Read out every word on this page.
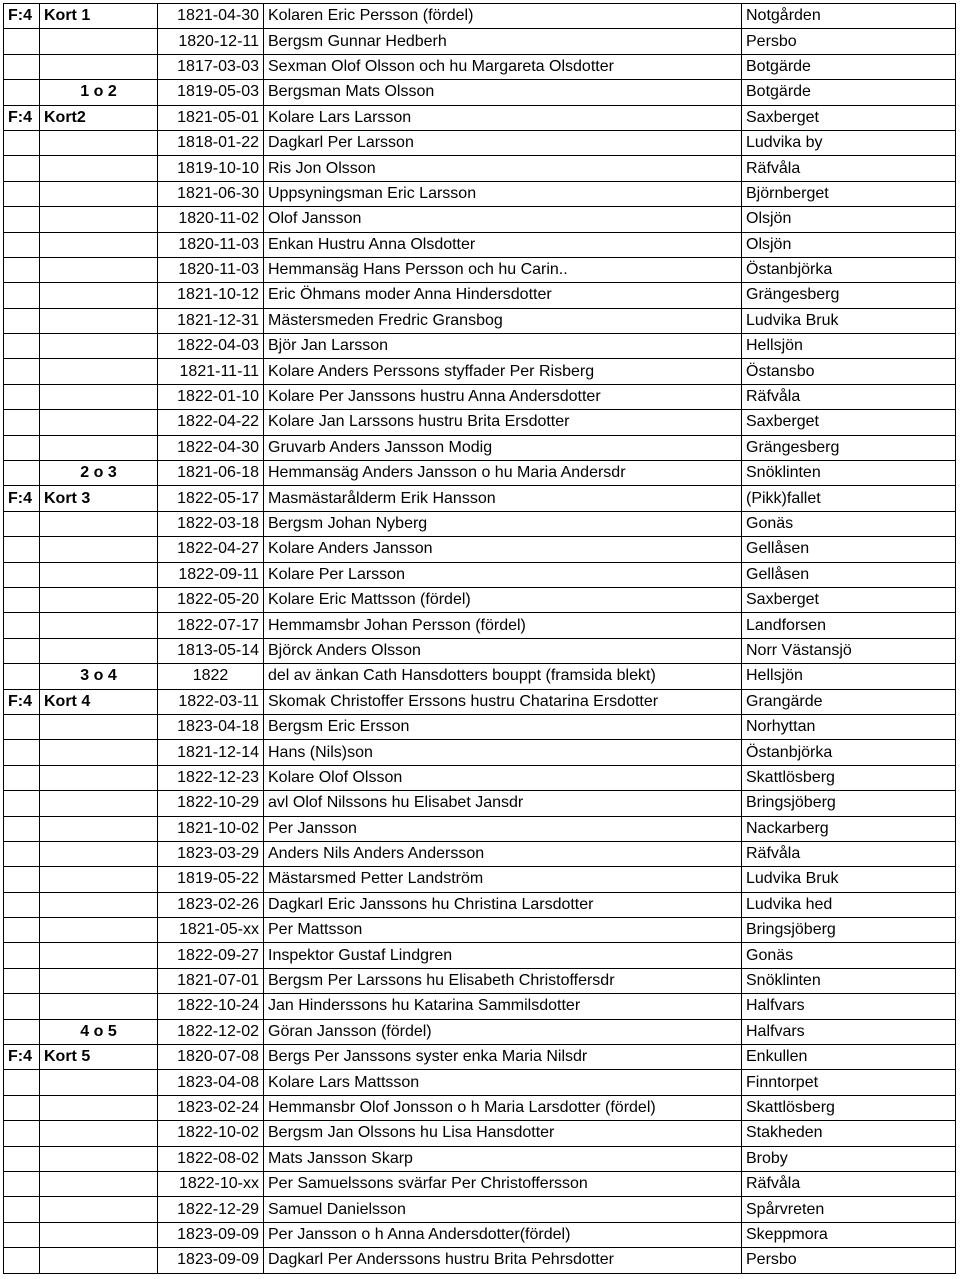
F:4	Kort 1	1821-04-30	Kolaren Eric Persson (fördel)	Notgården
		1820-12-11	Bergsm Gunnar Hedberh	Persbo
		1817-03-03	Sexman Olof Olsson och hu Margareta Olsdotter	Botgärde
	1 o 2	1819-05-03	Bergsman Mats Olsson	Botgärde
F:4	Kort2	1821-05-01	Kolare Lars Larsson	Saxberget
		1818-01-22	Dagkarl Per Larsson	Ludvika by
		1819-10-10	Ris Jon Olsson	Räfvåla
		1821-06-30	Uppsyningsman Eric Larsson	Björnberget
		1820-11-02	Olof Jansson	Olsjön
		1820-11-03	Enkan Hustru Anna Olsdotter	Olsjön
		1820-11-03	Hemmansäg Hans Persson och hu Carin..	Östanbjörka
		1821-10-12	Eric Öhmans moder Anna Hindersdotter	Grängesberg
		1821-12-31	Mästersmeden Fredric Gransbog	Ludvika Bruk
		1822-04-03	Björ Jan Larsson	Hellsjön
		1821-11-11	Kolare Anders Perssons styffader Per Risberg	Östansbo
		1822-01-10	Kolare Per Janssons hustru Anna Andersdotter	Räfvåla
		1822-04-22	Kolare Jan Larssons hustru Brita Ersdotter	Saxberget
		1822-04-30	Gruvarb Anders Jansson Modig	Grängesberg
	2 o 3	1821-06-18	Hemmansäg Anders Jansson o hu Maria Andersdr	Snöklinten
F:4	Kort 3	1822-05-17	Masmästarålderm Erik Hansson	(Pikk)fallet
		1822-03-18	Bergsm Johan Nyberg	Gonäs
		1822-04-27	Kolare Anders Jansson	Gellåsen
		1822-09-11	Kolare Per Larsson	Gellåsen
		1822-05-20	Kolare Eric Mattsson (fördel)	Saxberget
		1822-07-17	Hemmamsbr Johan Persson (fördel)	Landforsen
		1813-05-14	Björck Anders Olsson	Norr Västansjö
	3 o 4	1822	del av änkan Cath Hansdotters bouppt (framsida blekt)	Hellsjön
F:4	Kort 4	1822-03-11	Skomak Christoffer Erssons hustru Chatarina Ersdotter	Grangärde
		1823-04-18	Bergsm Eric Ersson	Norhyttan
		1821-12-14	Hans (Nils)son	Östanbjörka
		1822-12-23	Kolare Olof Olsson	Skattlösberg
		1822-10-29	avl Olof Nilssons hu Elisabet Jansdr	Bringsjöberg
		1821-10-02	Per Jansson	Nackarberg
		1823-03-29	Anders Nils Anders Andersson	Räfvåla
		1819-05-22	Mästarsmed Petter Landström	Ludvika Bruk
		1823-02-26	Dagkarl Eric Janssons hu Christina Larsdotter	Ludvika hed
		1821-05-xx	Per Mattsson	Bringsjöberg
		1822-09-27	Inspektor Gustaf Lindgren	Gonäs
		1821-07-01	Bergsm Per Larssons hu Elisabeth Christoffersdr	Snöklinten
		1822-10-24	Jan Hinderssons hu Katarina Sammilsdotter	Halfvars
	4 o 5	1822-12-02	Göran Jansson (fördel)	Halfvars
F:4	Kort 5	1820-07-08	Bergs Per Janssons syster enka Maria Nilsdr	Enkullen
		1823-04-08	Kolare Lars Mattsson	Finntorpet
		1823-02-24	Hemmansbr Olof Jonsson o h Maria Larsdotter (fördel)	Skattlösberg
		1822-10-02	Bergsm Jan Olssons hu Lisa Hansdotter	Stakheden
		1822-08-02	Mats Jansson Skarp	Broby
		1822-10-xx	Per Samuelssons svärfar Per Christoffersson	Räfvåla
		1822-12-29	Samuel Danielsson	Spårvreten
		1823-09-09	Per Jansson o h Anna Andersdotter(fördel)	Skeppmora
		1823-09-09	Dagkarl Per Anderssons hustru Brita Pehrsdotter	Persbo
